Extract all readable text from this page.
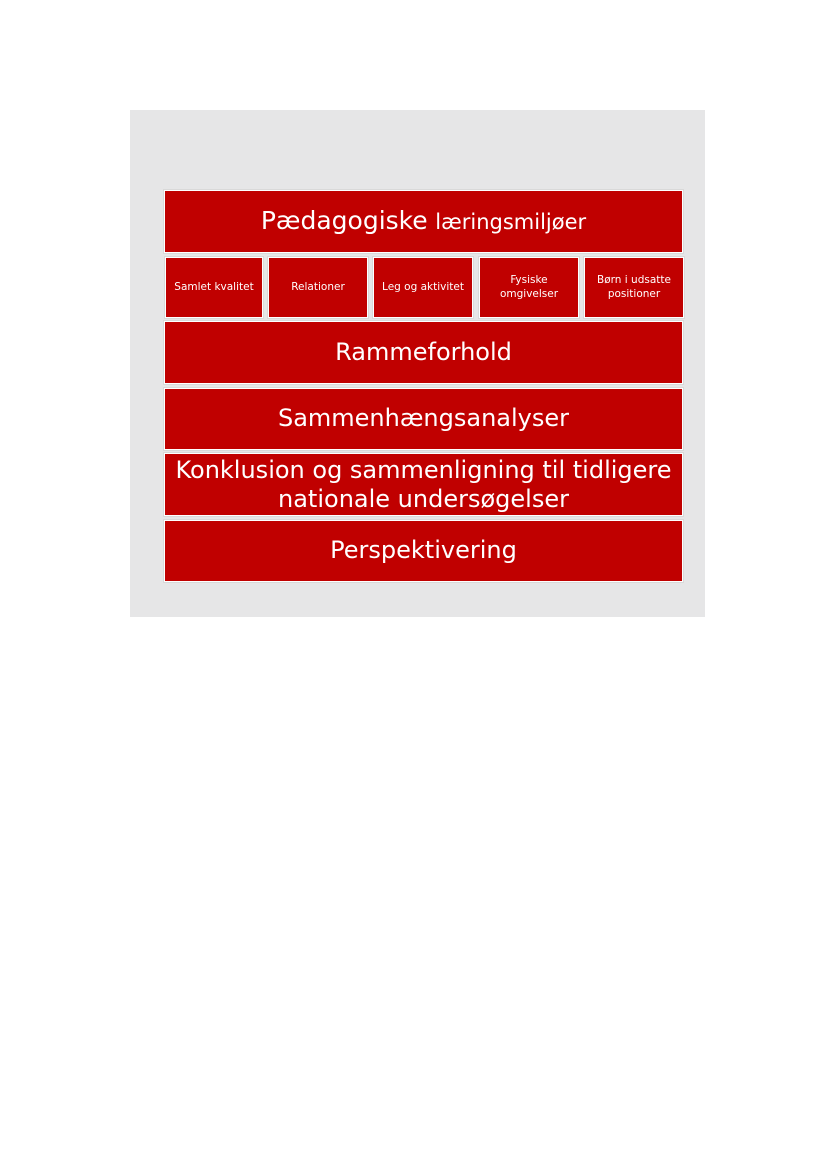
Pædagogiske læringsmiljøer
Samlet kvalitet	Relationer	Leg og aktivitet
Fysiske omgivelser
Børn i udsatte positioner
Rammeforhold
Sammenhængsanalyser
Konklusion og sammenligning til tidligere nationale undersøgelser
Perspektivering
